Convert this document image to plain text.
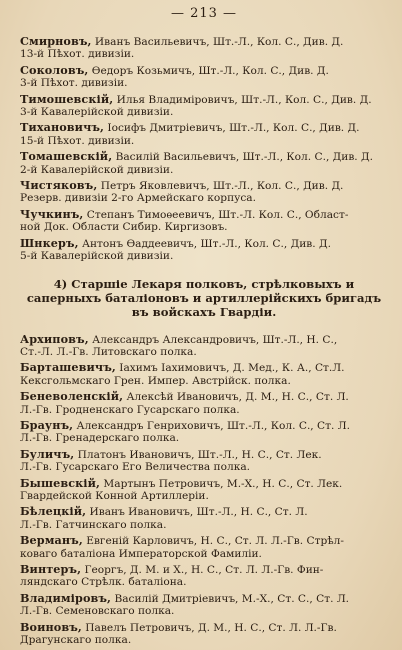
— 213 —
Смирновъ, Иванъ Васильевичъ, Шт.-Л., Кол. С., Див. Д.
13-й Пѣхот. дивизіи.
Соколовъ, Ѳедоръ Козьмичъ, Шт.-Л., Кол. С., Див. Д.
3-й Пѣхот. дивизіи.
Тимошевскій, Илья Владиміровичъ, Шт.-Л., Кол. С., Див. Д.
3-й Кавалерійской дивизіи.
Тихановичъ, Іосифъ Дмитріевичъ, Шт.-Л., Кол. С., Див. Д.
15-й Пѣхот. дивизіи.
Томашевскій, Василій Васильевичъ, Шт.-Л., Кол. С., Див. Д.
2-й Кавалерійской дивизіи.
Чистяковъ, Петръ Яковлевичъ, Шт.-Л., Кол. С., Див. Д.
Резерв. дивизіи 2-го Армейскаго корпуса.
Чучкинъ, Степанъ Тимоѳеевичъ, Шт.-Л. Кол. С., Област-
ной Док. Области Сибир. Киргизовъ.
Шнкеръ, Антонъ Ѳаддеевичъ, Шт.-Л., Кол. С., Див. Д.
5-й Кавалерійской дивизіи.
4) Старшіе Лекаря полковъ, стрѣлковыхъ и саперныхъ баталіоновъ и артиллерійскихъ бригадъ въ войскахъ Гвардіи.
Архиповъ, Александръ Александровичъ, Шт.-Л., Н. С.,
Ст.-Л. Л.-Гв. Литовскаго полка.
Барташевичъ, Іахимъ Іахимовичъ, Д. Мед., К. А., Ст.Л.
Кексгольмскаго Грен. Импер. Австрійск. полка.
Беневоленскій, Алексѣй Ивановичъ, Д. М., Н. С., Ст. Л.
Л.-Гв. Гродненскаго Гусарскаго полка.
Браунъ, Александръ Генриховичъ, Шт.-Л., Кол. С., Ст. Л.
Л.-Гв. Гренадерскаго полка.
Буличъ, Платонъ Ивановичъ, Шт.-Л., Н. С., Ст. Лек.
Л.-Гв. Гусарскаго Его Величества полка.
Бышевскій, Мартынъ Петровичъ, М.-Х., Н. С., Ст. Лек.
Гвардейской Конной Артиллеріи.
Бѣлецкій, Иванъ Ивановичъ, Шт.-Л., Н. С., Ст. Л.
Л.-Гв. Гатчинскаго полка.
Верманъ, Евгеній Карловичъ, Н. С., Ст. Л. Л.-Гв. Стрѣл-
коваго баталіона Императорской Фамиліи.
Винтеръ, Георгъ, Д. М. и Х., Н. С., Ст. Л. Л.-Гв. Фин-
ляндскаго Стрѣлк. баталіона.
Владиміровъ, Василій Дмитріевичъ, М.-Х., Ст. С., Ст. Л.
Л.-Гв. Семеновскаго полка.
Воиновъ, Павелъ Петровичъ, Д. М., Н. С., Ст. Л. Л.-Гв.
Драгунскаго полка.
